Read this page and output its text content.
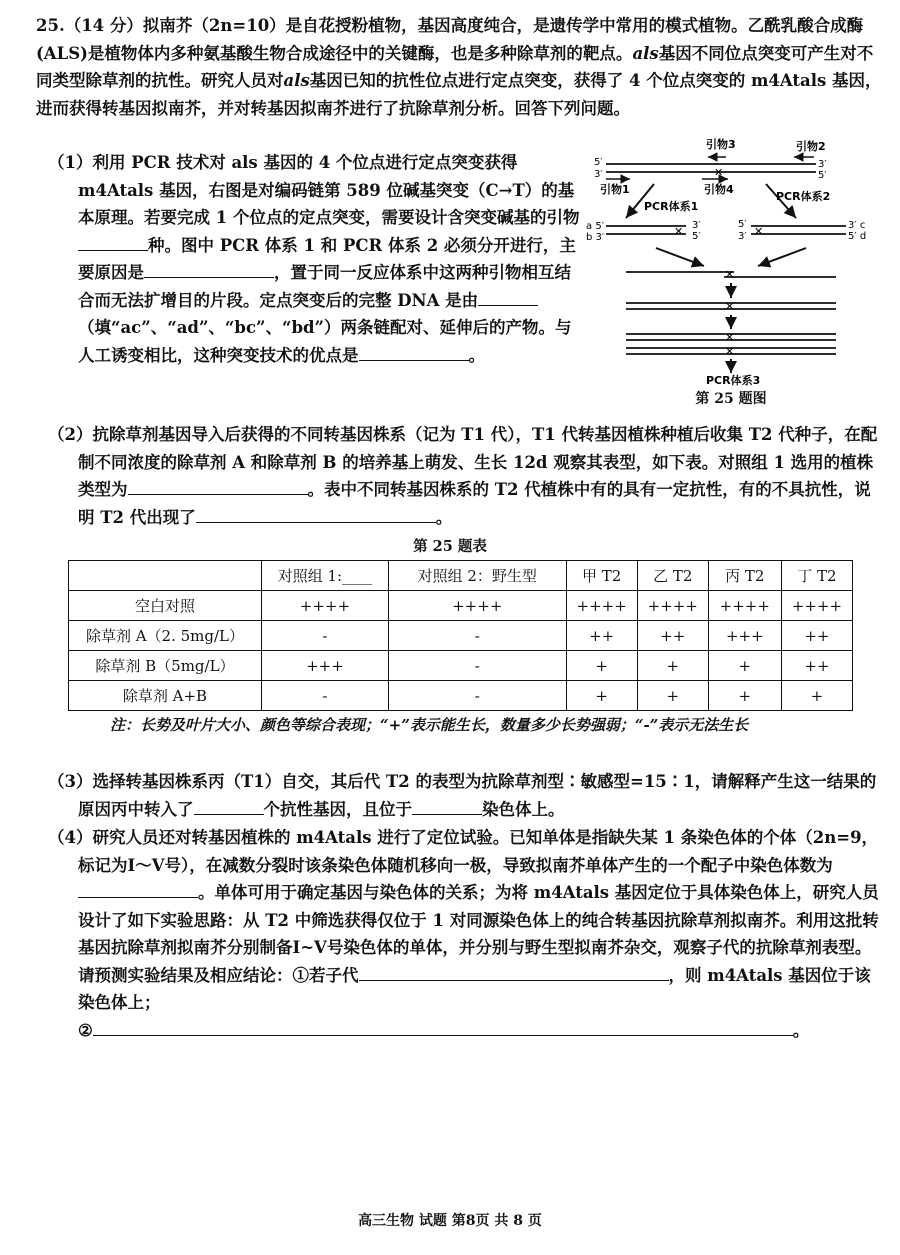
25.（14 分）拟南芥（2n=10）是自花授粉植物，基因高度纯合，是遗传学中常用的模式植物。乙酰乳酸合成酶(ALS)是植物体内多种氨基酸生物合成途径中的关键酶，也是多种除草剂的靶点。als基因不同位点突变可产生对不同类型除草剂的抗性。研究人员对als基因已知的抗性位点进行定点突变，获得了 4 个位点突变的 m4Atals 基因，进而获得转基因拟南芥，并对转基因拟南芥进行了抗除草剂分析。回答下列问题。
（1）利用 PCR 技术对 als 基因的 4 个位点进行定点突变获得 m4Atals 基因，右图是对编码链第 589 位碱基突变（C→T）的基本原理。若要完成 1 个位点的定点突变，需要设计含突变碱基的引物种。图中 PCR 体系 1 和 PCR 体系 2 必须分开进行，主要原因是	，置于同一反应体系中这两种引物相互结合而无法扩增目的片段。定点突变后的完整 DNA 是由（填“ac”、“ad”、“bc”、“bd”）两条链配对、延伸后的产物。与人工诱变相比，这种突变技术的优点是	。
引物3	引物2
5′	3′
3′	5′
✕
引物1	引物4
PCR体系1
PCR体系2
a 5′
b 3′	✕ 3′
5′
5′
3′ ✕	3′ c
5′ d
✕
✕
✕
✕
PCR体系3
第 25 题图
（2）抗除草剂基因导入后获得的不同转基因株系（记为 T1 代），T1 代转基因植株种植后收集 T2 代种子，在配制不同浓度的除草剂 A 和除草剂 B 的培养基上萌发、生长 12d 观察其表型，如下表。对照组 1 选用的植株类型为	。表中不同转基因株系的 T2 代植株中有的具有一定抗性，有的不具抗性，说明 T2 代出现了	。
第 25 题表
	对照组 1:____	对照组 2：野生型	甲 T2	乙 T2	丙 T2	丁 T2
空白对照	++++	++++	++++	++++	++++	++++
除草剂 A（2. 5mg/L）	-	-	++	++	+++	++
除草剂 B（5mg/L）	+++	-	+	+	+	++
除草剂 A+B	-	-	+	+	+	+
注：长势及叶片大小、颜色等综合表现；“+”表示能生长，数量多少长势强弱；“-”表示无法生长
（3）选择转基因株系丙（T1）自交，其后代 T2 的表型为抗除草剂型∶敏感型=15∶1，请解释产生这一结果的原因丙中转入了	个抗性基因，且位于	染色体上。
（4）研究人员还对转基因植株的 m4Atals 进行了定位试验。已知单体是指缺失某 1 条染色体的个体（2n=9，标记为Ⅰ～Ⅴ号），在减数分裂时该条染色体随机移向一极，导致拟南芥单体产生的一个配子中染色体数为。单体可用于确定基因与染色体的关系；为将 m4Atals 基因定位于具体染色体上，研究人员设计了如下实验思路：从 T2 中筛选获得仅位于 1 对同源染色体上的纯合转基因抗除草剂拟南芥。利用这批转基因抗除草剂拟南芥分别制备Ⅰ~Ⅴ号染色体的单体，并分别与野生型拟南芥杂交，观察子代的抗除草剂表型。请预测实验结果及相应结论：①若子代	，则 m4Atals 基因位于该染色体上；
②	。
高三生物 试题 第8页 共 8 页
